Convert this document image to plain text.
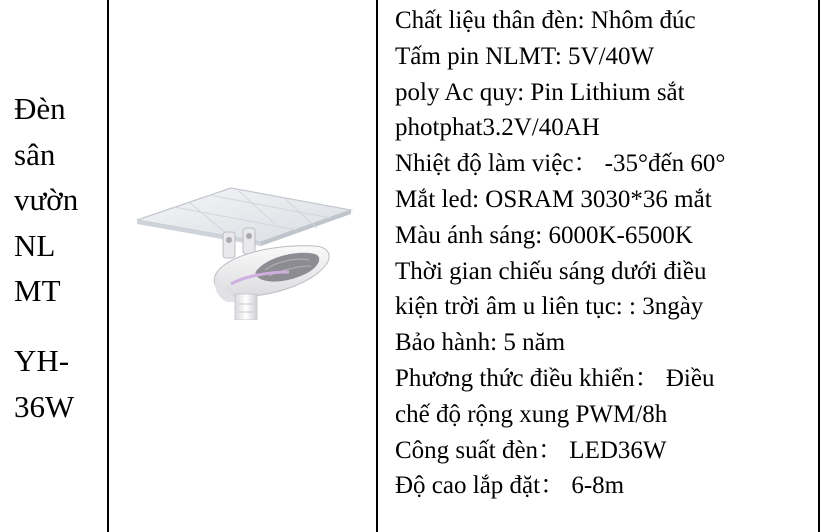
Đèn
sân
vườn
NL
MT
YH-
36W
Chất liệu thân đèn: Nhôm đúc
Tấm pin NLMT: 5V/40W
poly Ac quy: Pin Lithium sắt
photphat3.2V/40AH
Nhiệt độ làm việc： -35°đến 60°
Mắt led: OSRAM 3030*36 mắt
Màu ánh sáng: 6000K-6500K
Thời gian chiếu sáng dưới điều
kiện trời âm u liên tục: : 3ngày
Bảo hành: 5 năm
Phương thức điều khiển： Điều
chế độ rộng xung PWM/8h
Công suất đèn： LED36W
Độ cao lắp đặt： 6-8m
